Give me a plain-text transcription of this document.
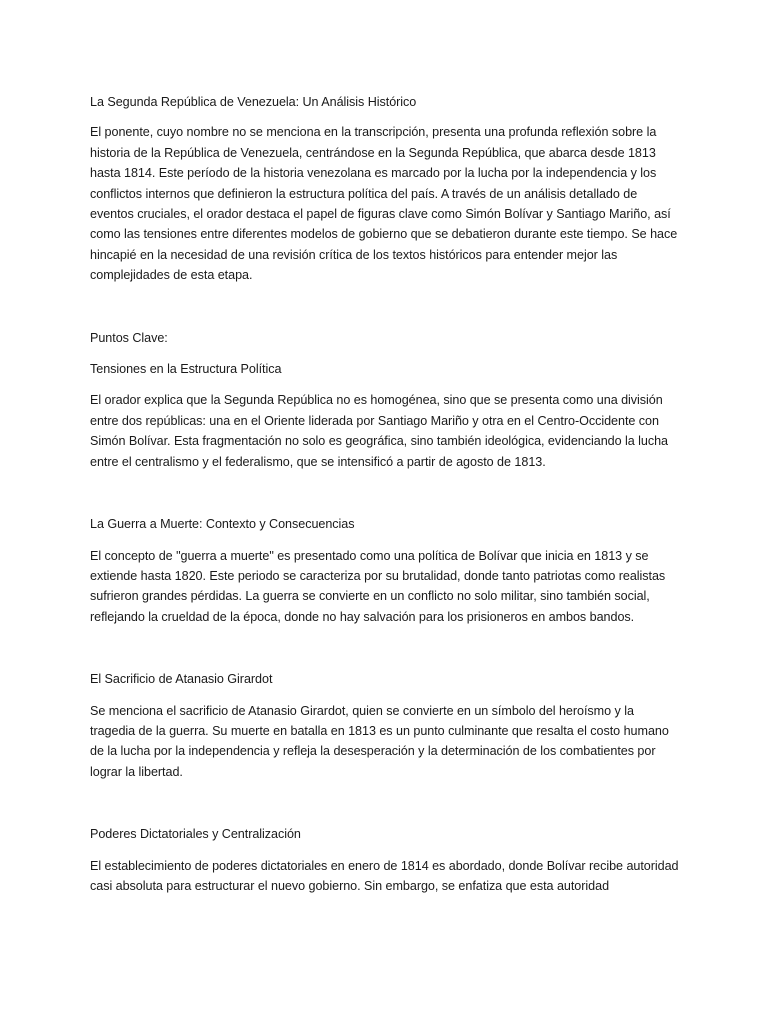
La Segunda República de Venezuela: Un Análisis Histórico

El ponente, cuyo nombre no se menciona en la transcripción, presenta una profunda reflexión sobre la historia de la República de Venezuela, centrándose en la Segunda República, que abarca desde 1813 hasta 1814. Este período de la historia venezolana es marcado por la lucha por la independencia y los conflictos internos que definieron la estructura política del país. A través de un análisis detallado de eventos cruciales, el orador destaca el papel de figuras clave como Simón Bolívar y Santiago Mariño, así como las tensiones entre diferentes modelos de gobierno que se debatieron durante este tiempo. Se hace hincapié en la necesidad de una revisión crítica de los textos históricos para entender mejor las complejidades de esta etapa.

Puntos Clave:

Tensiones en la Estructura Política

El orador explica que la Segunda República no es homogénea, sino que se presenta como una división entre dos repúblicas: una en el Oriente liderada por Santiago Mariño y otra en el Centro-Occidente con Simón Bolívar. Esta fragmentación no solo es geográfica, sino también ideológica, evidenciando la lucha entre el centralismo y el federalismo, que se intensificó a partir de agosto de 1813.

La Guerra a Muerte: Contexto y Consecuencias

El concepto de "guerra a muerte" es presentado como una política de Bolívar que inicia en 1813 y se extiende hasta 1820. Este periodo se caracteriza por su brutalidad, donde tanto patriotas como realistas sufrieron grandes pérdidas. La guerra se convierte en un conflicto no solo militar, sino también social, reflejando la crueldad de la época, donde no hay salvación para los prisioneros en ambos bandos.

El Sacrificio de Atanasio Girardot

Se menciona el sacrificio de Atanasio Girardot, quien se convierte en un símbolo del heroísmo y la tragedia de la guerra. Su muerte en batalla en 1813 es un punto culminante que resalta el costo humano de la lucha por la independencia y refleja la desesperación y la determinación de los combatientes por lograr la libertad.

Poderes Dictatoriales y Centralización

El establecimiento de poderes dictatoriales en enero de 1814 es abordado, donde Bolívar recibe autoridad casi absoluta para estructurar el nuevo gobierno. Sin embargo, se enfatiza que esta autoridad
